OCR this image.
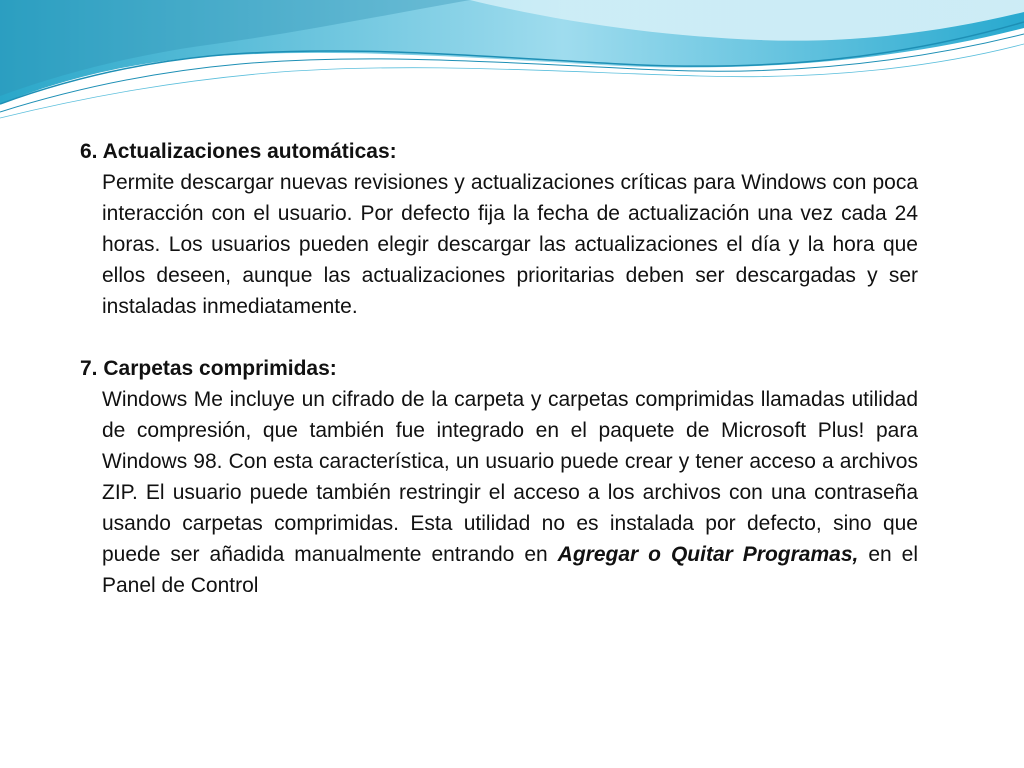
6. Actualizaciones automáticas:

Permite descargar nuevas revisiones y actualizaciones críticas para Windows con poca interacción con el usuario. Por defecto fija la fecha de actualización una vez cada 24 horas. Los usuarios pueden elegir descargar las actualizaciones el día y la hora que ellos deseen, aunque las actualizaciones prioritarias deben ser descargadas y ser instaladas inmediatamente.

7. Carpetas comprimidas:

Windows Me incluye un cifrado de la carpeta y carpetas comprimidas llamadas utilidad de compresión, que también fue integrado en el paquete de Microsoft Plus! para Windows 98. Con esta característica, un usuario puede crear y tener acceso a archivos ZIP. El usuario puede también restringir el acceso a los archivos con una contraseña usando carpetas comprimidas. Esta utilidad no es instalada por defecto, sino que puede ser añadida manualmente entrando en Agregar o Quitar Programas, en el Panel de Control
